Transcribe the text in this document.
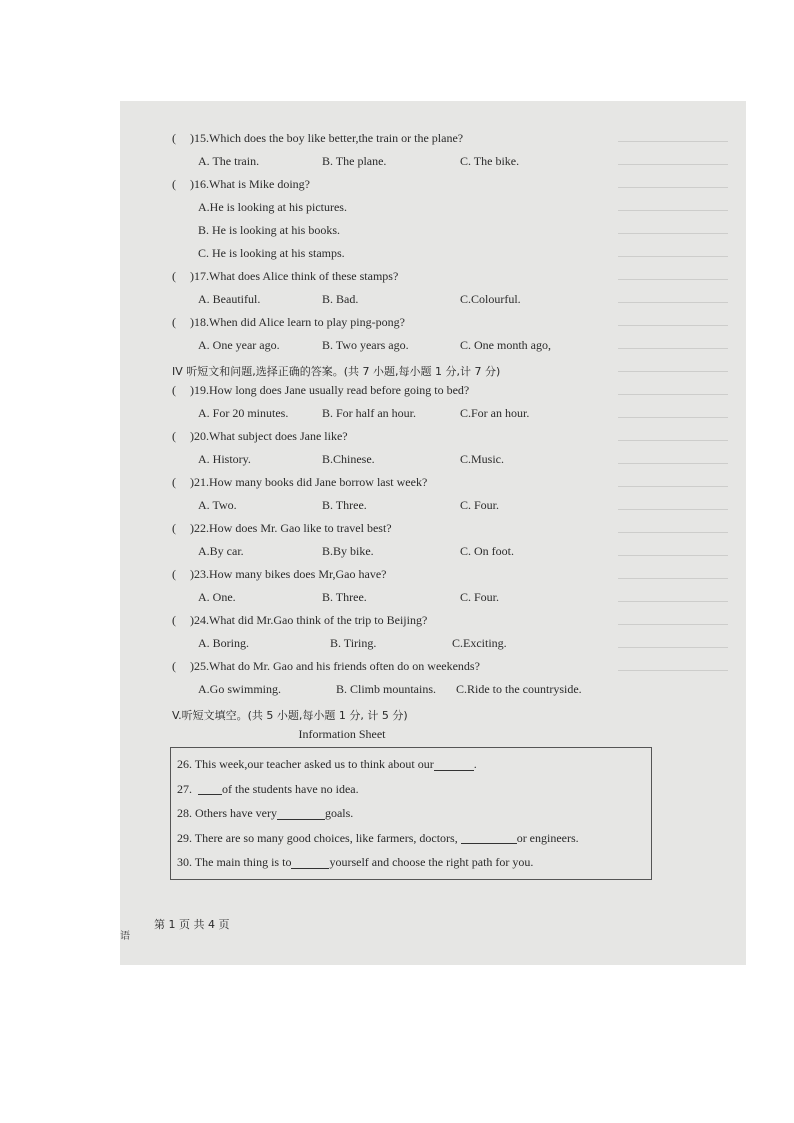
(	) 15 . Which does the boy like better,the train or the plane?
A. The train.	B. The plane.	C. The bike.
(	) 16 . What is Mike doing?
A.He is looking at his pictures.
B. He is looking at his books.
C. He is looking at his stamps.
(	) 17 . What does Alice think of these stamps?
A. Beautiful.	B. Bad.	C.Colourful.
(	) 18 . When did Alice learn to play ping-pong?
A. One year ago.	B. Two years ago.	C. One month ago,
IV 听短文和问题,选择正确的答案。(共 7 小题,每小题 1 分,计 7 分)
(	) 19 . How long does Jane usually read before going to bed?
A. For 20 minutes.	B. For half an hour.	C.For an hour.
(	) 20 . What subject does Jane like?
A. History.	B.Chinese.	C.Music.
(	) 21 . How many books did Jane borrow last week?
A. Two.	B. Three.	C. Four.
(	) 22 . How does Mr. Gao like to travel best?
A.By car.	B.By bike.	C. On foot.
(	) 23 . How many bikes does Mr,Gao have?
A. One.	B. Three.	C. Four.
(	) 24 . What did Mr.Gao think of the trip to Beijing?
A. Boring.	B. Tiring.	C.Exciting.
(	) 25 . What do Mr. Gao and his friends often do on weekends?
A.Go swimming.	B. Climb mountains.	C.Ride to the countryside.
V.听短文填空。(共 5 小题,每小题 1 分, 计 5 分)
Information Sheet
26. This week,our teacher asked us to think about our	.
27. of the students have no idea.
28. Others have very	goals.
29. There are so many good choices, like farmers, doctors,	or engineers.
30. The main thing is to	yourself and choose the right path for you.
语
第 1 页 共 4 页
